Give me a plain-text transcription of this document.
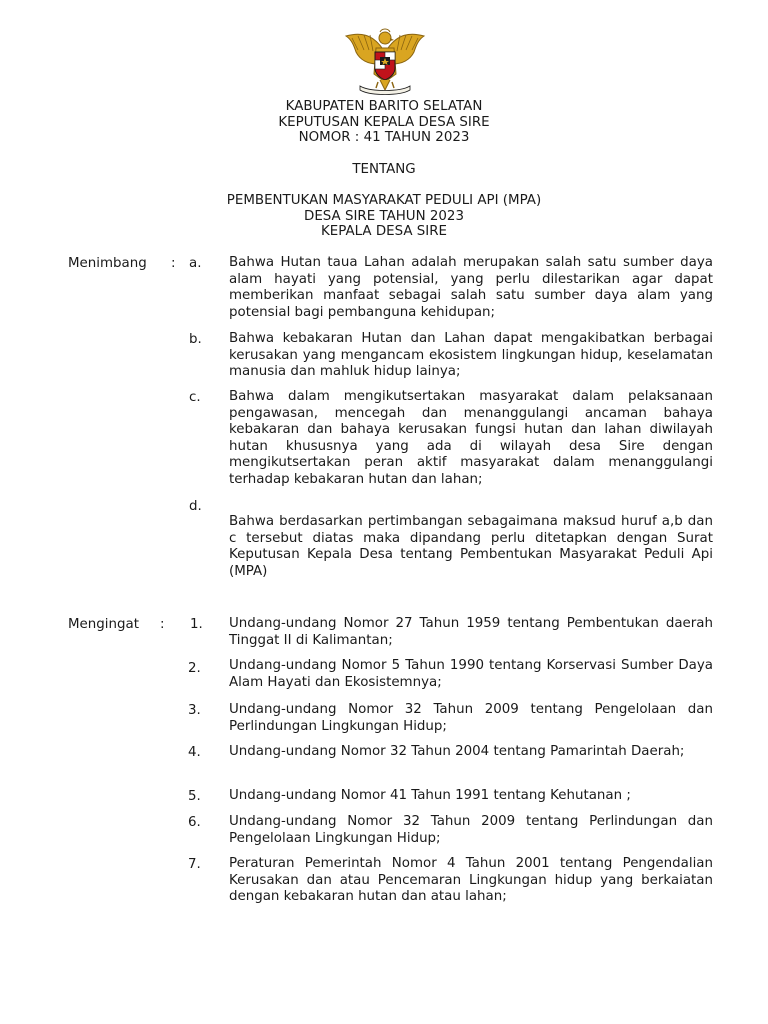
KABUPATEN BARITO SELATAN
KEPUTUSAN KEPALA DESA SIRE
NOMOR : 41 TAHUN 2023
TENTANG
PEMBENTUKAN MASYARAKAT PEDULI API (MPA)
DESA SIRE TAHUN 2023
KEPALA DESA SIRE
Menimbang : a. Bahwa Hutan taua Lahan adalah merupakan salah satu sumber daya alam hayati yang potensial, yang perlu dilestarikan agar dapat memberikan manfaat sebagai salah satu sumber daya alam yang potensial bagi pembanguna kehidupan;
b. Bahwa kebakaran Hutan dan Lahan dapat mengakibatkan berbagai kerusakan yang mengancam ekosistem lingkungan hidup, keselamatan manusia dan mahluk hidup lainya;
c. Bahwa dalam mengikutsertakan masyarakat dalam pelaksanaan pengawasan, mencegah dan menanggulangi ancaman bahaya kebakaran dan bahaya kerusakan fungsi hutan dan lahan diwilayah hutan khususnya yang ada di wilayah desa Sire dengan mengikutsertakan peran aktif masyarakat dalam menanggulangi terhadap kebakaran hutan dan lahan;
d.
Bahwa berdasarkan pertimbangan sebagaimana maksud huruf a,b dan c tersebut diatas maka dipandang perlu ditetapkan dengan Surat Keputusan Kepala Desa tentang Pembentukan Masyarakat Peduli Api (MPA)
Mengingat : 1. Undang-undang Nomor 27 Tahun 1959 tentang Pembentukan daerah Tinggat II di Kalimantan;
2. Undang-undang Nomor 5 Tahun 1990 tentang Korservasi Sumber Daya Alam Hayati dan Ekosistemnya;
3. Undang-undang Nomor 32 Tahun 2009 tentang Pengelolaan dan Perlindungan Lingkungan Hidup;
4. Undang-undang Nomor 32 Tahun 2004 tentang Pamarintah Daerah;
5. Undang-undang Nomor 41 Tahun 1991 tentang Kehutanan ;
6. Undang-undang Nomor 32 Tahun 2009 tentang Perlindungan dan Pengelolaan Lingkungan Hidup;
7. Peraturan Pemerintah Nomor 4 Tahun 2001 tentang Pengendalian Kerusakan dan atau Pencemaran Lingkungan hidup yang berkaiatan dengan kebakaran hutan dan atau lahan;
